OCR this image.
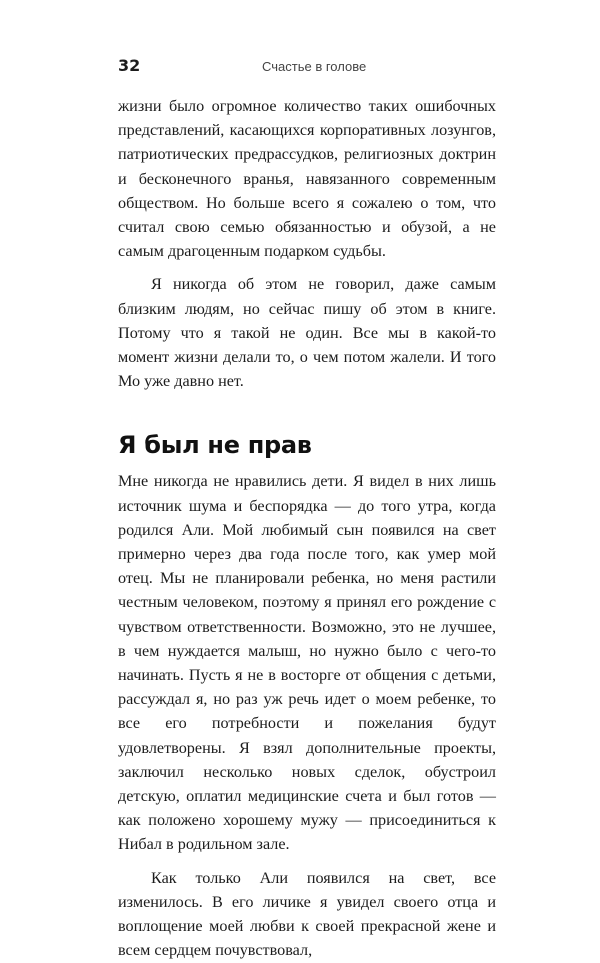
32	Счастье в голове

жизни было огромное количество таких ошибочных представлений, касающихся корпоративных лозунгов, патриотических предрассудков, религиозных доктрин и бесконечного вранья, навязанного современным обществом. Но больше всего я сожалею о том, что считал свою семью обязанностью и обузой, а не самым драгоценным подарком судьбы.

Я никогда об этом не говорил, даже самым близким людям, но сейчас пишу об этом в книге. Потому что я такой не один. Все мы в какой-то момент жизни делали то, о чем потом жалели. И того Мо уже давно нет.

Я был не прав

Мне никогда не нравились дети. Я видел в них лишь источник шума и беспорядка — до того утра, когда родился Али. Мой любимый сын появился на свет примерно через два года после того, как умер мой отец. Мы не планировали ребенка, но меня растили честным человеком, поэтому я принял его рождение с чувством ответственности. Возможно, это не лучшее, в чем нуждается малыш, но нужно было с чего-то начинать. Пусть я не в восторге от общения с детьми, рассуждал я, но раз уж речь идет о моем ребенке, то все его потребности и пожелания будут удовлетворены. Я взял дополнительные проекты, заключил несколько новых сделок, обустроил детскую, оплатил медицинские счета и был готов — как положено хорошему мужу — присоединиться к Нибал в родильном зале.

Как только Али появился на свет, все изменилось. В его личике я увидел своего отца и воплощение моей любви к своей прекрасной жене и всем сердцем почувствовал,
